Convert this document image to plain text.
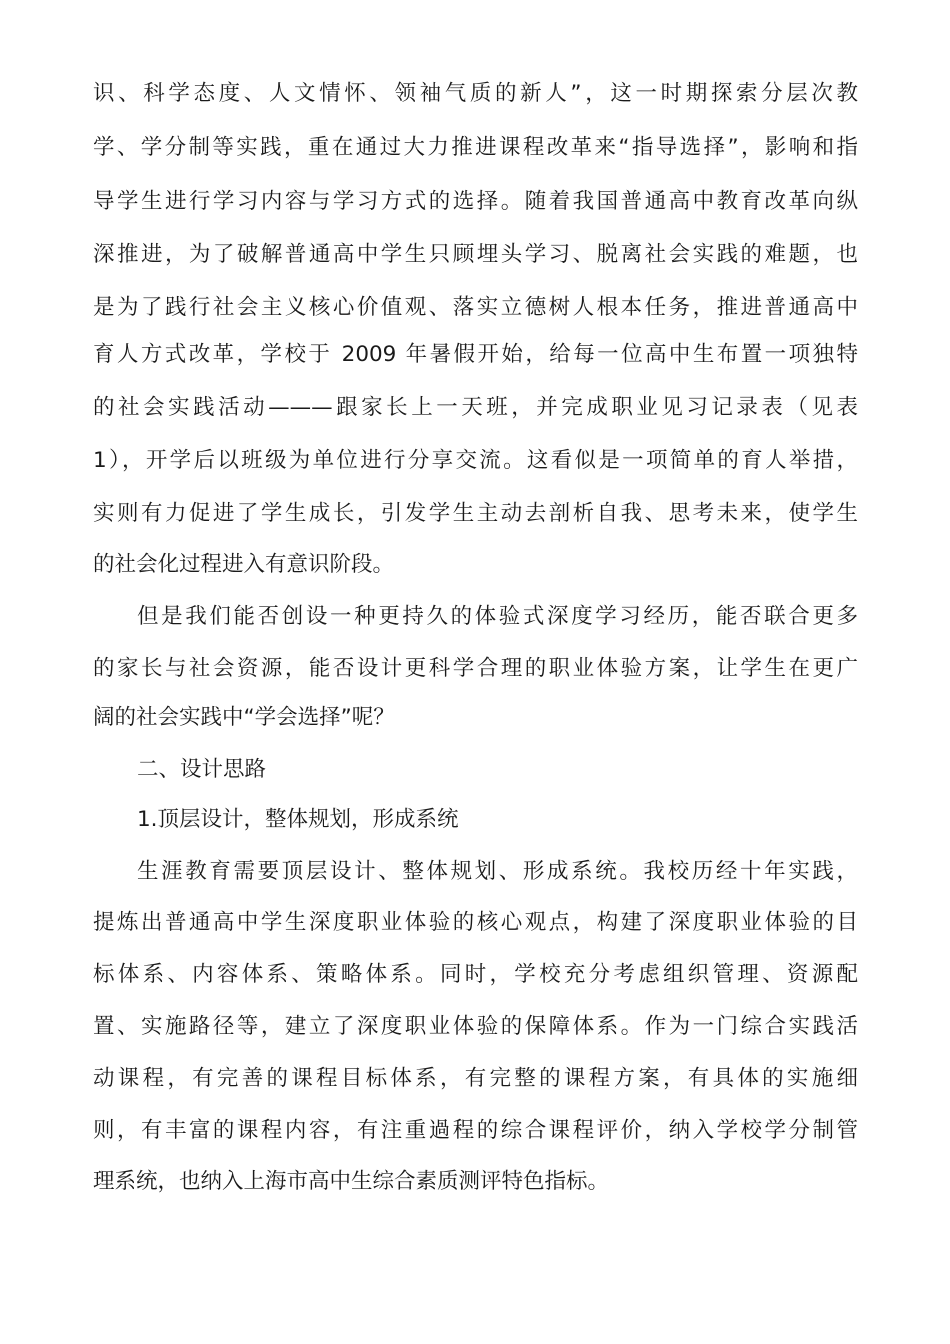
识、科学态度、人文情怀、领袖气质的新人”，这一时期探索分层次教
学、学分制等实践，重在通过大力推进课程改革来“指导选择”，影响和指
导学生进行学习内容与学习方式的选择。随着我国普通高中教育改革向纵
深推进，为了破解普通高中学生只顾埋头学习、脱离社会实践的难题，也
是为了践行社会主义核心价值观、落实立德树人根本任务，推进普通高中
育人方式改革，学校于 2009 年暑假开始，给每一位高中生布置一项独特
的社会实践活动———跟家长上一天班，并完成职业见习记录表（见表
1），开学后以班级为单位进行分享交流。这看似是一项简单的育人举措，
实则有力促进了学生成长，引发学生主动去剖析自我、思考未来，使学生
的社会化过程进入有意识阶段。
但是我们能否创设一种更持久的体验式深度学习经历，能否联合更多
的家长与社会资源，能否设计更科学合理的职业体验方案，让学生在更广
阔的社会实践中“学会选择”呢？
二、设计思路
1.顶层设计，整体规划，形成系统
生涯教育需要顶层设计、整体规划、形成系统。我校历经十年实践，
提炼出普通高中学生深度职业体验的核心观点，构建了深度职业体验的目
标体系、内容体系、策略体系。同时，学校充分考虑组织管理、资源配
置、实施路径等，建立了深度职业体验的保障体系。作为一门综合实践活
动课程，有完善的课程目标体系，有完整的课程方案，有具体的实施细
则，有丰富的课程内容，有注重過程的综合课程评价，纳入学校学分制管
理系统，也纳入上海市高中生综合素质测评特色指标。
